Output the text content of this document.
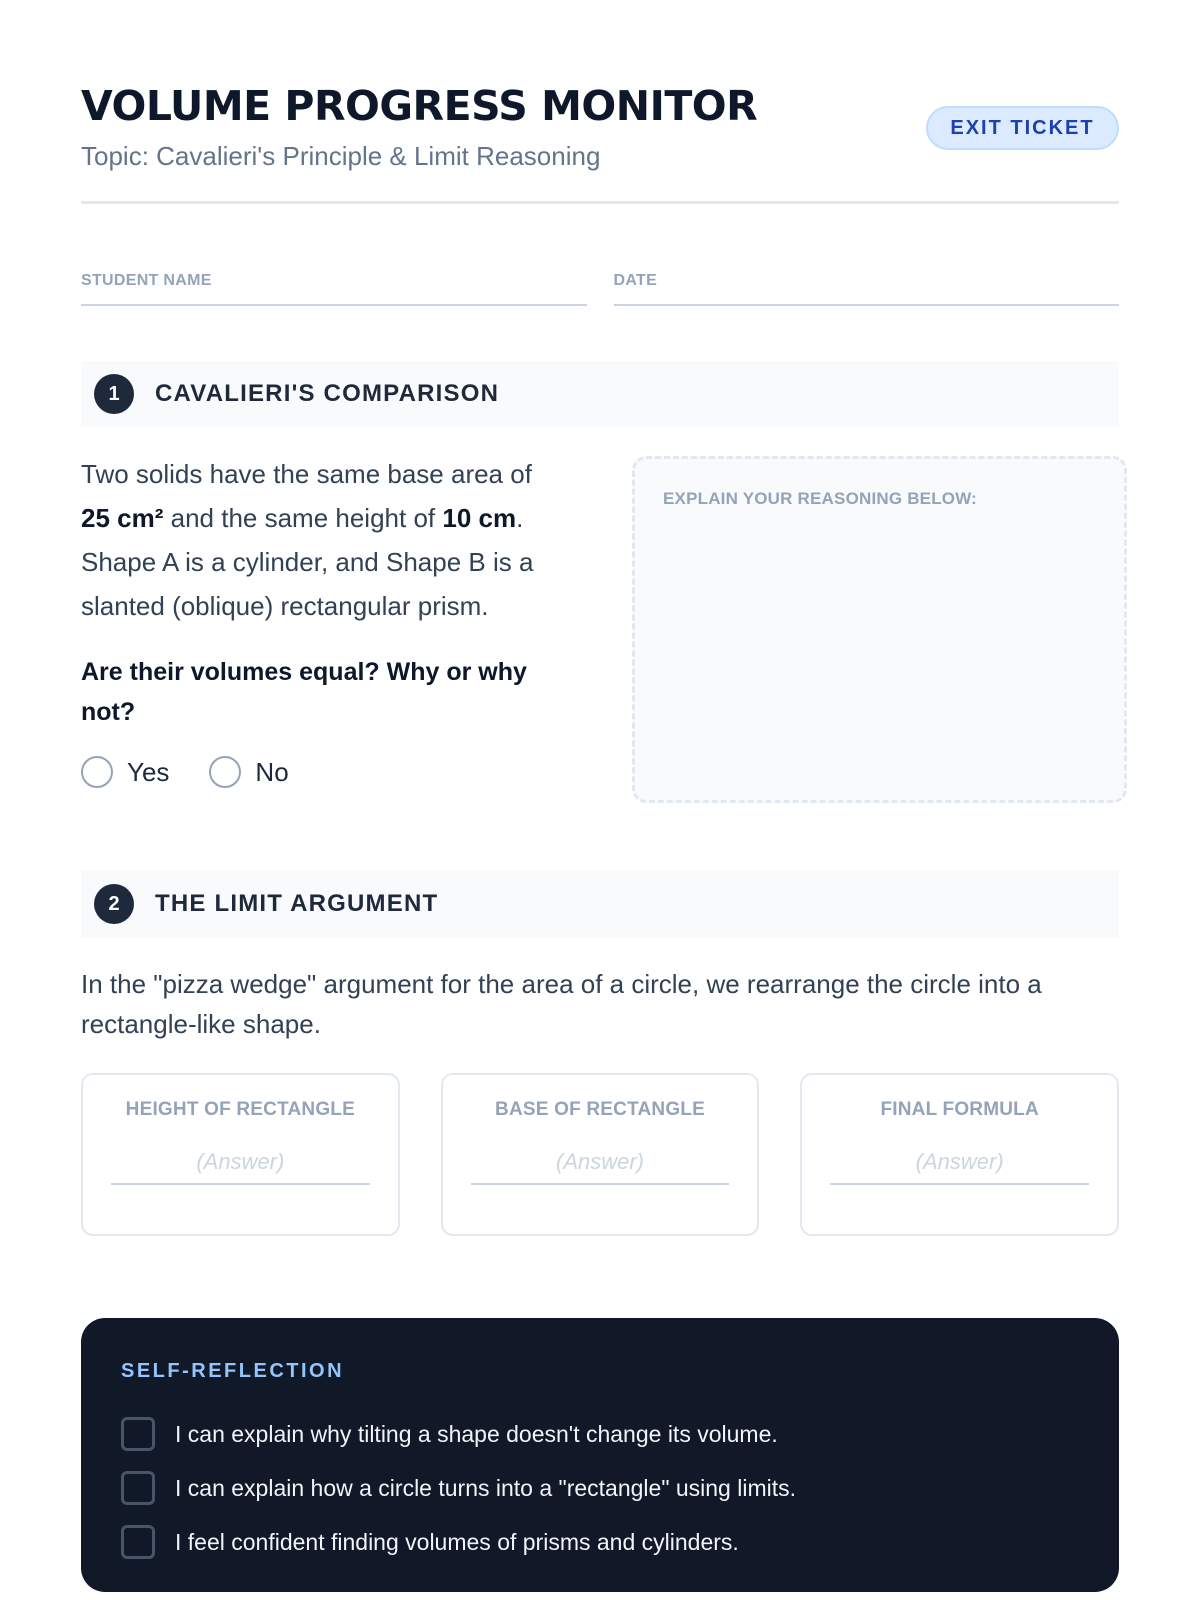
VOLUME PROGRESS MONITOR
Topic: Cavalieri's Principle & Limit Reasoning
EXIT TICKET
STUDENT NAME	DATE
1	CAVALIERI'S COMPARISON

Two solids have the same base area of 25 cm² and the same height of 10 cm. Shape A is a cylinder, and Shape B is a slanted (oblique) rectangular prism.

Are their volumes equal? Why or why not?

Yes	No
EXPLAIN YOUR REASONING BELOW:
2	THE LIMIT ARGUMENT

In the "pizza wedge" argument for the area of a circle, we rearrange the circle into a rectangle-like shape.

HEIGHT OF RECTANGLE
(Answer)
BASE OF RECTANGLE
(Answer)
FINAL FORMULA
(Answer)
SELF-REFLECTION
I can explain why tilting a shape doesn't change its volume.
I can explain how a circle turns into a "rectangle" using limits.
I feel confident finding volumes of prisms and cylinders.
